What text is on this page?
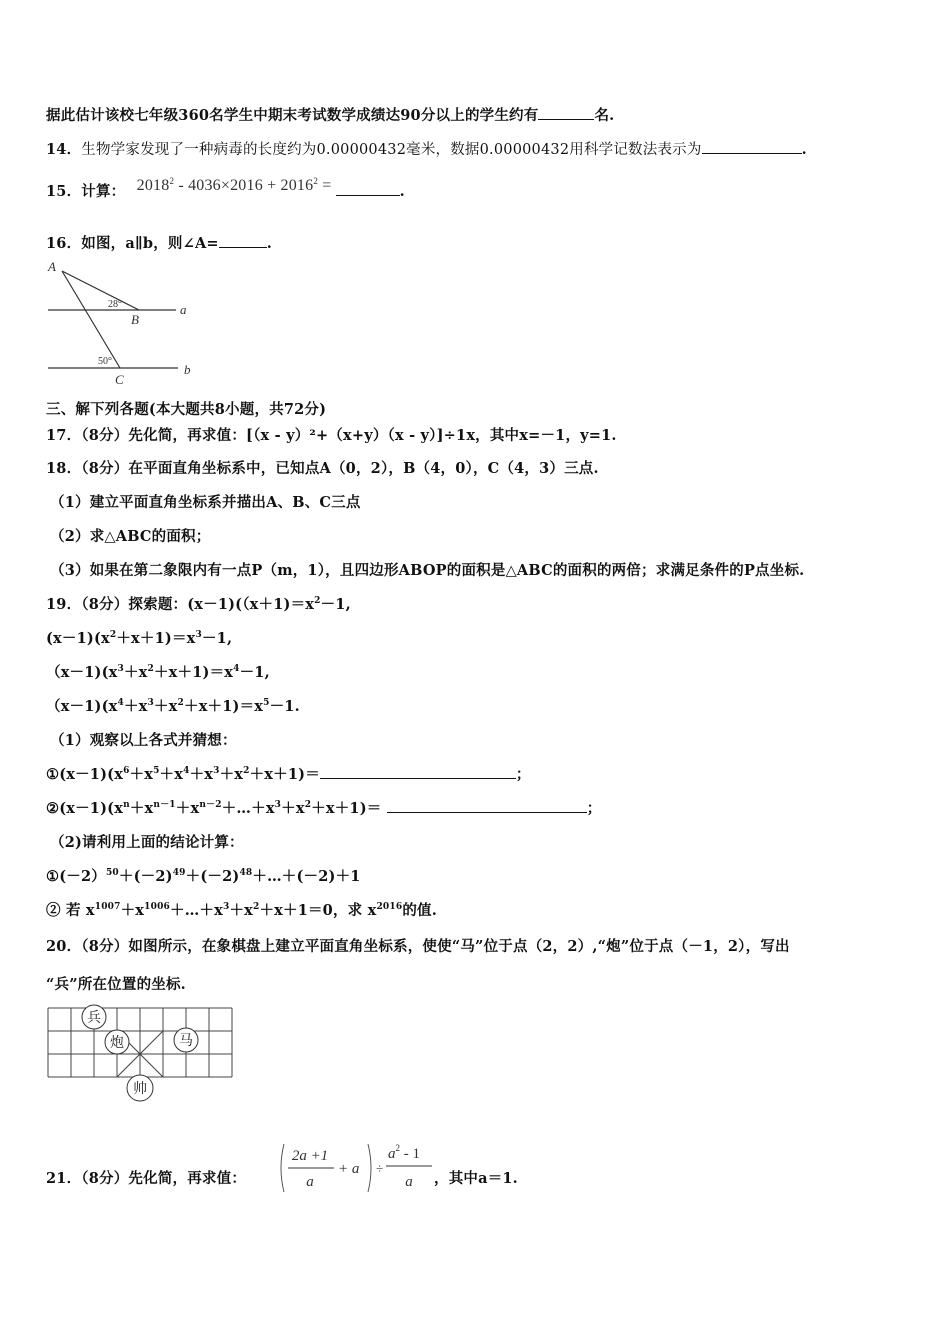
据此估计该校七年级360名学生中期末考试数学成绩达90分以上的学生约有	名.
14．生物学家发现了一种病毒的长度约为0.00000432毫米，数据0.00000432用科学记数法表示为	.
15．计算： $2018^2 - 4036\times 2016 + 2016^2$ =	.
16．如图，a∥b，则∠A=	.
A
B
C
a
b
28°
50°
三、解下列各题(本大题共8小题，共72分)
17．（8分）先化简，再求值：[（x - y）²+（x+y）（x - y）]÷1x，其中x=－1，y=1.
18．（8分）在平面直角坐标系中，已知点A（0，2），B（4，0），C（4，3）三点.
（1）建立平面直角坐标系并描出A、B、C三点
（2）求△ABC的面积；
（3）如果在第二象限内有一点P（m，1），且四边形ABOP的面积是△ABC的面积的两倍；求满足条件的P点坐标.
19．（8分）探索题：$(x-1)((x+1)=x^2-1$,
$(x-1)(x^2+x+1)=x^3-1$,
$(x-1)(x^3+x^2+x+1)=x^4-1$,
$(x-1)(x^4+x^3+x^2+x+1)=x^5-1$.
（1）观察以上各式并猜想：
$①(x-1)(x^6+x^5+x^4+x^3+x^2+x+1)=$	；
$②(x-1)(x^n+x^{n-1}+x^{n-2}+\dots+x^3+x^2+x+1)=$	；
（2)请利用上面的结论计算：
$①(-2)^{50}+(-2)^{49}+(-2)^{48}+\dots+(-2)+1$
② 若 $x^{1007}+x^{1006}+\dots+x^3+x^2+x+1=0$，求 $x^{2016}$的值.
20．（8分）如图所示，在象棋盘上建立平面直角坐标系，使使“马”位于点（2，2）,“炮”位于点（－1，2），写出
“兵”所在位置的坐标.
兵
炮	马
帅
21．（8分）先化简，再求值：
2a +1
a
+ a ÷
$a^2 - 1$
a ，其中a＝1.
